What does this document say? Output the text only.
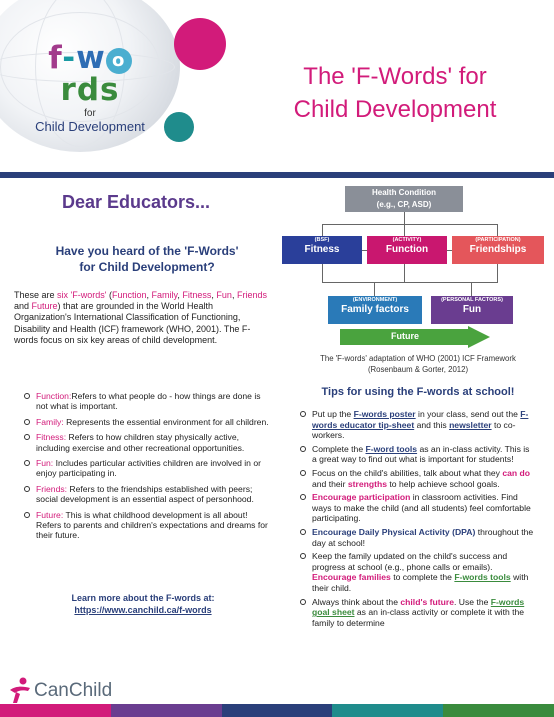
f-w ords
for
Child Development
The 'F-Words' for
Child Development
Dear Educators...
Have you heard of the 'F-Words'
for Child Development?

These are six 'F-words' (Function, Family, Fitness, Fun, Friends and Future) that are grounded in the World Health Organization's International Classification of Functioning, Disability and Health (ICF) framework (WHO, 2001). The F-words focus on six key areas of child development.

Function:Refers to what people do - how things are done is not what is important.
Family: Represents the essential environment for all children.
Fitness: Refers to how children stay physically active, including exercise and other recreational opportunities.
Fun: Includes particular activities children are involved in or enjoy participating in.
Friends: Refers to the friendships established with peers; social development is an essential aspect of personhood.
Future: This is what childhood development is all about! Refers to parents and children's expectations and dreams for their future.
Learn more about the F-words at:
https://www.canchild.ca/f-words
CanChild
Health Condition
(e.g., CP, ASD)
(BSF)
Fitness
(ACTIVITY)
Function
(PARTICIPATION)
Friendships
(ENVIRONMENT)
Family factors
(PERSONAL FACTORS)
Fun
Future
The 'F-words' adaptation of WHO (2001) ICF Framework
(Rosenbaum & Gorter, 2012)
Tips for using the F-words at school!
Put up the F-words poster in your class, send out the F-words educator tip-sheet and this newsletter to co-workers.
Complete the F-word tools as an in-class activity. This is a great way to find out what is important for students!
Focus on the child's abilities, talk about what they can do and their strengths to help achieve school goals.
Encourage participation in classroom activities. Find ways to make the child (and all students) feel comfortable participating.
Encourage Daily Physical Activity (DPA) throughout the day at school!
Keep the family updated on the child's success and progress at school (e.g., phone calls or emails). Encourage families to complete the F-words tools with their child.
Always think about the child's future. Use the F-words goal sheet as an in-class activity or complete it with the family to determine
